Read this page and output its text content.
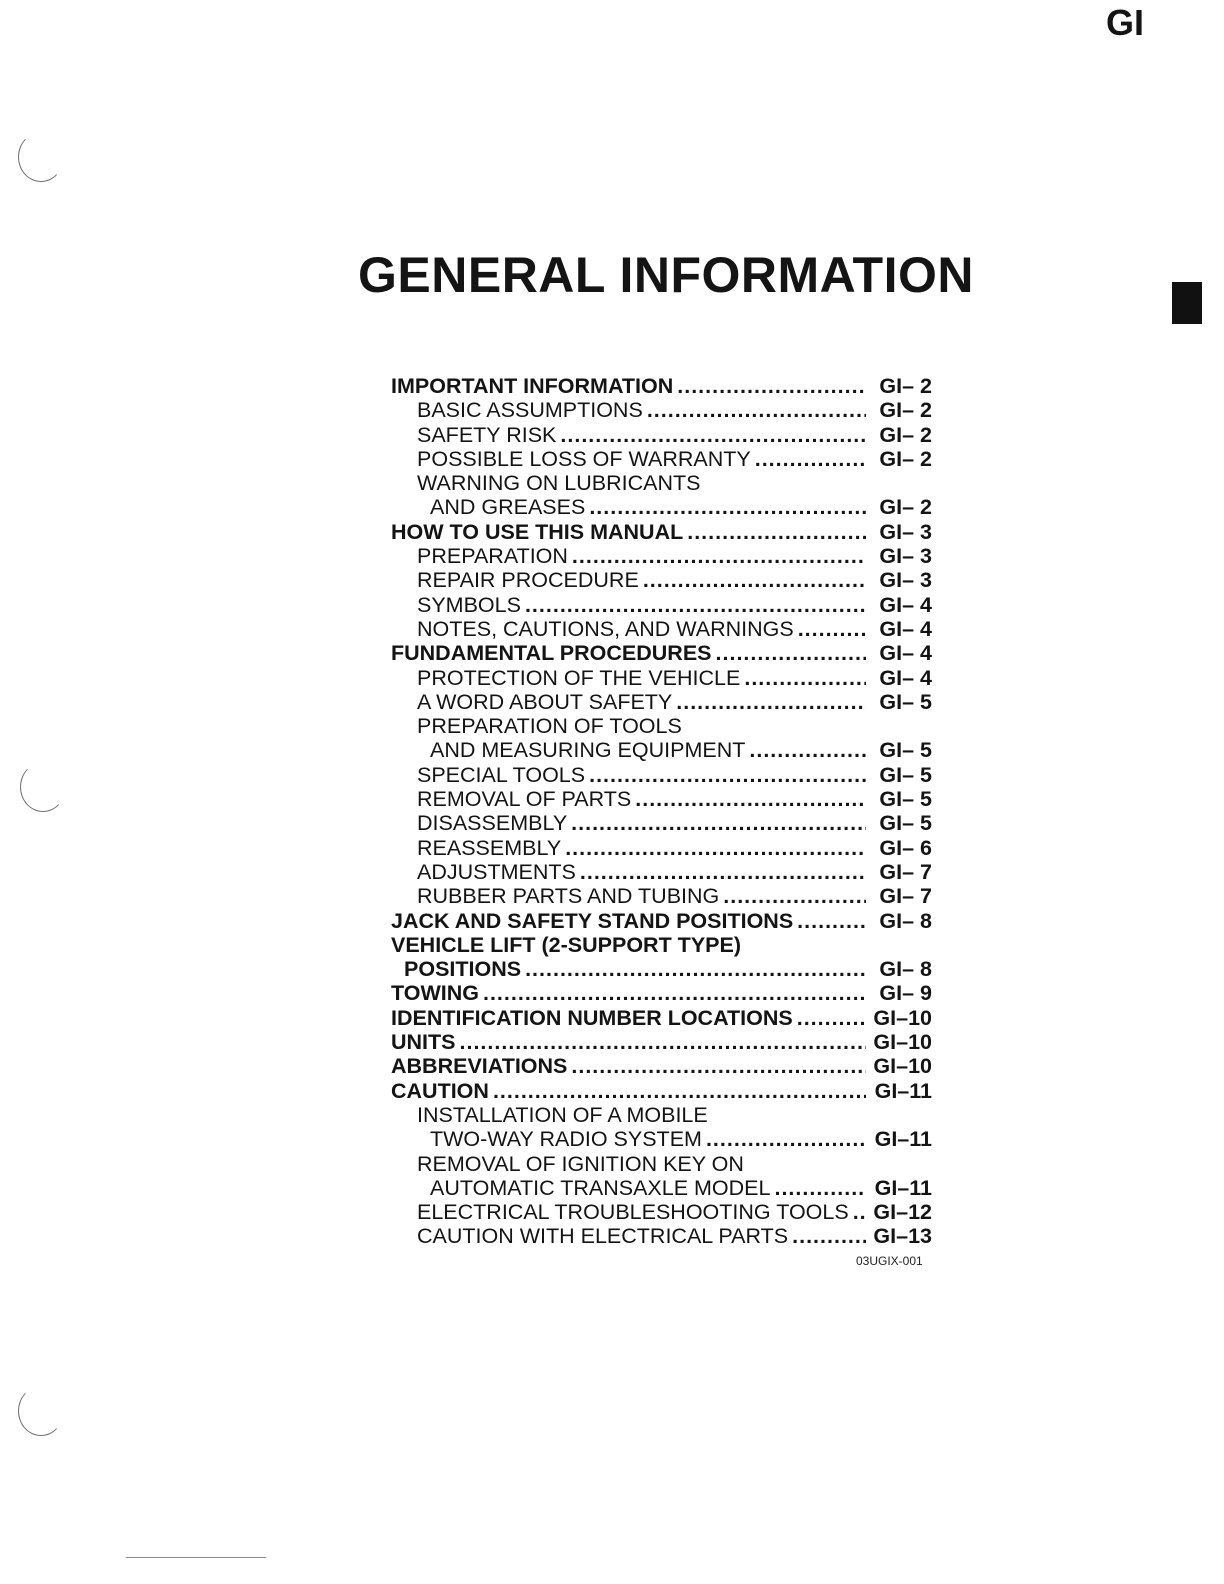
GI
GENERAL INFORMATION
IMPORTANT INFORMATION .....	GI– 2
BASIC ASSUMPTIONS .....	GI– 2
SAFETY RISK .....	GI– 2
POSSIBLE LOSS OF WARRANTY .....	GI– 2
WARNING ON LUBRICANTS
AND GREASES .....	GI– 2
HOW TO USE THIS MANUAL .....	GI– 3
PREPARATION .....	GI– 3
REPAIR PROCEDURE .....	GI– 3
SYMBOLS .....	GI– 4
NOTES, CAUTIONS, AND WARNINGS .....	GI– 4
FUNDAMENTAL PROCEDURES .....	GI– 4
PROTECTION OF THE VEHICLE .....	GI– 4
A WORD ABOUT SAFETY .....	GI– 5
PREPARATION OF TOOLS
AND MEASURING EQUIPMENT .....	GI– 5
SPECIAL TOOLS .....	GI– 5
REMOVAL OF PARTS .....	GI– 5
DISASSEMBLY .....	GI– 5
REASSEMBLY .....	GI– 6
ADJUSTMENTS .....	GI– 7
RUBBER PARTS AND TUBING .....	GI– 7
JACK AND SAFETY STAND POSITIONS .....	GI– 8
VEHICLE LIFT (2-SUPPORT TYPE)
POSITIONS .....	GI– 8
TOWING .....	GI– 9
IDENTIFICATION NUMBER LOCATIONS .....	GI–10
UNITS .....	GI–10
ABBREVIATIONS .....	GI–10
CAUTION .....	GI–11
INSTALLATION OF A MOBILE
TWO-WAY RADIO SYSTEM .....	GI–11
REMOVAL OF IGNITION KEY ON
AUTOMATIC TRANSAXLE MODEL .....	GI–11
ELECTRICAL TROUBLESHOOTING TOOLS ..... GI–12
CAUTION WITH ELECTRICAL PARTS .....	GI–13
03UGIX-001
